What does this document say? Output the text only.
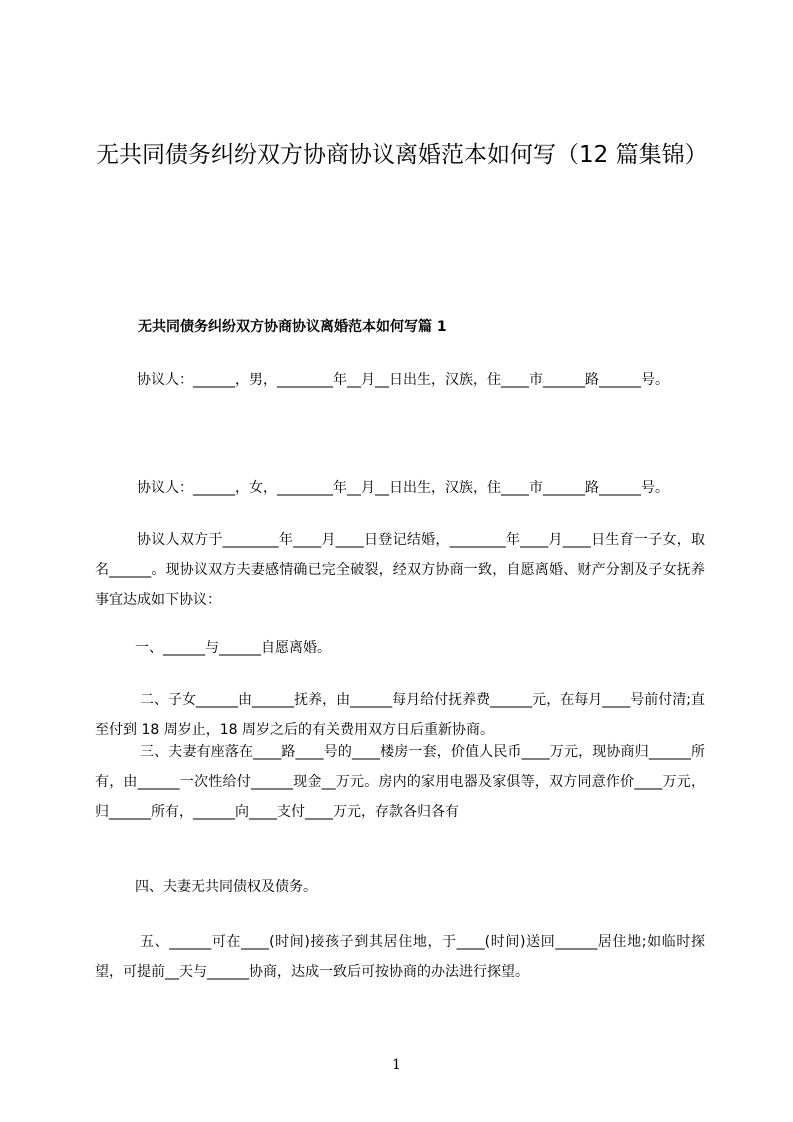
无共同债务纠纷双方协商协议离婚范本如何写（12 篇集锦）
无共同债务纠纷双方协商协议离婚范本如何写篇 1

协议人：______，男，________年__月__日出生，汉族，住____市______路______号。

协议人：______，女，________年__月__日出生，汉族，住____市______路______号。

协议人双方于________年____月____日登记结婚，________年____月____日生育一子女，取名______。现协议双方夫妻感情确已完全破裂，经双方协商一致，自愿离婚、财产分割及子女抚养事宜达成如下协议：

一、______与______自愿离婚。

二、子女______由______抚养，由______每月给付抚养费______元，在每月____号前付清;直至付到 18 周岁止，18 周岁之后的有关费用双方日后重新协商。

三、夫妻有座落在____路____号的____楼房一套，价值人民币____万元，现协商归______所有，由______一次性给付______现金__万元。房内的家用电器及家俱等，双方同意作价____万元，归______所有，______向____支付____万元，存款各归各有

四、夫妻无共同债权及债务。

五、______可在____(时间)接孩子到其居住地，于____(时间)送回______居住地;如临时探望，可提前__天与______协商，达成一致后可按协商的办法进行探望。

1
